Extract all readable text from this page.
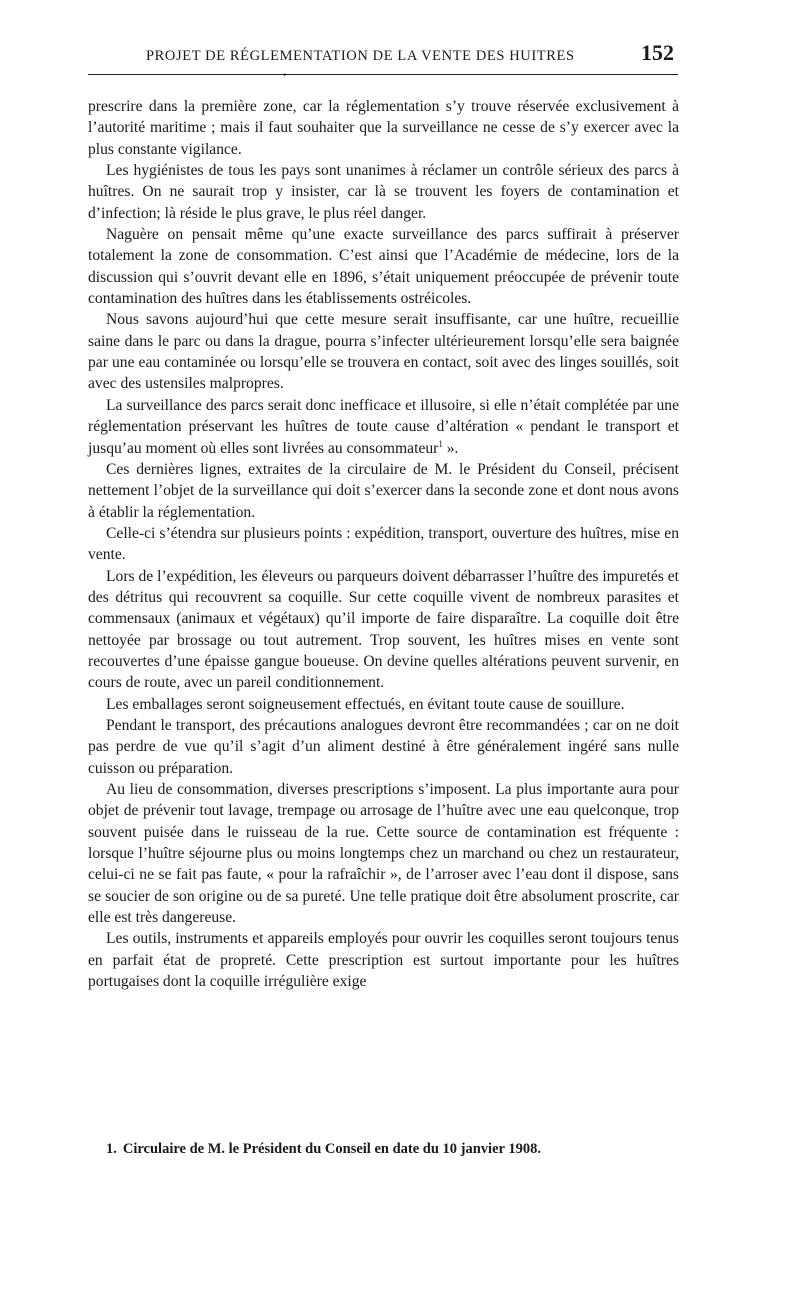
PROJET DE RÉGLEMENTATION DE LA VENTE DES HUITRES	152
•

prescrire dans la première zone, car la réglementation s’y trouve réservée exclusivement à l’autorité maritime ; mais il faut souhaiter que la surveillance ne cesse de s’y exercer avec la plus constante vigilance.

Les hygiénistes de tous les pays sont unanimes à réclamer un contrôle sérieux des parcs à huîtres. On ne saurait trop y insister, car là se trouvent les foyers de contamination et d’infection; là réside le plus grave, le plus réel danger.

Naguère on pensait même qu’une exacte surveillance des parcs suffirait à préserver totalement la zone de consommation. C’est ainsi que l’Académie de médecine, lors de la discussion qui s’ouvrit devant elle en 1896, s’était uniquement préoccupée de prévenir toute contamination des huîtres dans les établissements ostréicoles.

Nous savons aujourd’hui que cette mesure serait insuffisante, car une huître, recueillie saine dans le parc ou dans la drague, pourra s’infecter ultérieurement lorsqu’elle sera baignée par une eau contaminée ou lorsqu’elle se trouvera en contact, soit avec des linges souillés, soit avec des ustensiles malpropres.

La surveillance des parcs serait donc inefficace et illusoire, si elle n’était complétée par une réglementation préservant les huîtres de toute cause d’altération « pendant le transport et jusqu’au moment où elles sont livrées au consommateur$^1$ ».

Ces dernières lignes, extraites de la circulaire de M. le Président du Conseil, précisent nettement l’objet de la surveillance qui doit s’exercer dans la seconde zone et dont nous avons à établir la réglementation.

Celle-ci s’étendra sur plusieurs points : expédition, transport, ouverture des huîtres, mise en vente.

Lors de l’expédition, les éleveurs ou parqueurs doivent débarrasser l’huître des impuretés et des détritus qui recouvrent sa coquille. Sur cette coquille vivent de nombreux parasites et commensaux (animaux et végétaux) qu’il importe de faire disparaître. La coquille doit être nettoyée par brossage ou tout autrement. Trop souvent, les huîtres mises en vente sont recouvertes d’une épaisse gangue boueuse. On devine quelles altérations peuvent survenir, en cours de route, avec un pareil conditionnement.

Les emballages seront soigneusement effectués, en évitant toute cause de souillure.

Pendant le transport, des précautions analogues devront être recommandées ; car on ne doit pas perdre de vue qu’il s’agit d’un aliment destiné à être généralement ingéré sans nulle cuisson ou préparation.

Au lieu de consommation, diverses prescriptions s’imposent. La plus importante aura pour objet de prévenir tout lavage, trempage ou arrosage de l’huître avec une eau quelconque, trop souvent puisée dans le ruisseau de la rue. Cette source de contamination est fréquente : lorsque l’huître séjourne plus ou moins longtemps chez un marchand ou chez un restaurateur, celui-ci ne se fait pas faute, « pour la rafraîchir », de l’arroser avec l’eau dont il dispose, sans se soucier de son origine ou de sa pureté. Une telle pratique doit être absolument proscrite, car elle est très dangereuse.

Les outils, instruments et appareils employés pour ouvrir les coquilles seront toujours tenus en parfait état de propreté. Cette prescription est surtout importante pour les huîtres portugaises dont la coquille irrégulière exige

1. Circulaire de M. le Président du Conseil en date du 10 janvier 1908.
